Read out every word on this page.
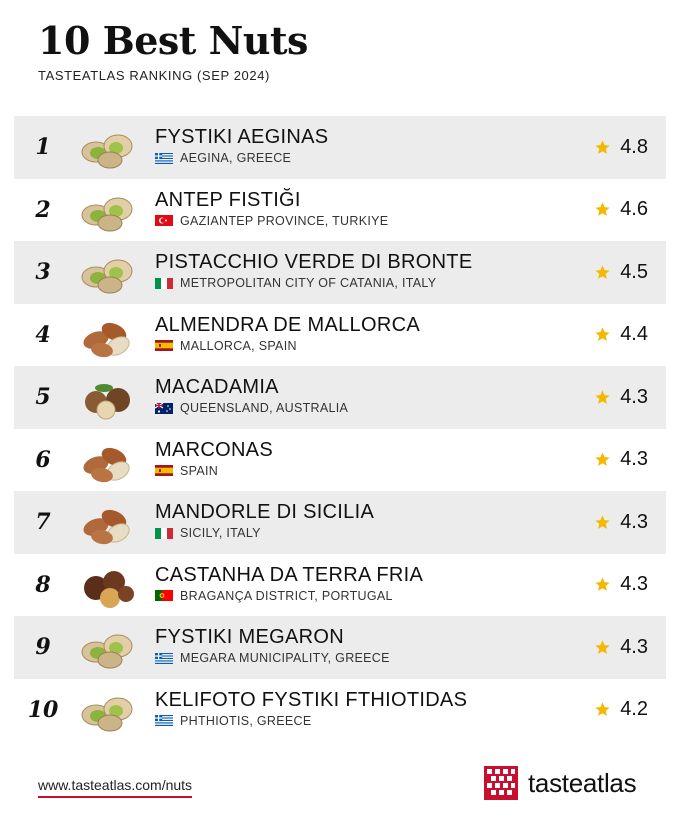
10 Best Nuts
TASTEATLAS RANKING (SEP 2024)
1	FYSTIKI AEGINAS
AEGINA, GREECE
4.8
2	ANTEP FISTIĞI
GAZIANTEP PROVINCE, TURKIYE
4.6
3	PISTACCHIO VERDE DI BRONTE
METROPOLITAN CITY OF CATANIA, ITALY
4.5
4	ALMENDRA DE MALLORCA
MALLORCA, SPAIN
4.4
5	MACADAMIA
QUEENSLAND, AUSTRALIA
4.3
6	MARCONAS
SPAIN
4.3
7	MANDORLE DI SICILIA
SICILY, ITALY
4.3
8	CASTANHA DA TERRA FRIA
BRAGANÇA DISTRICT, PORTUGAL
4.3
9	FYSTIKI MEGARON
MEGARA MUNICIPALITY, GREECE
4.3
10	KELIFOTO FYSTIKI FTHIOTIDAS
PHTHIOTIS, GREECE
4.2
www.tasteatlas.com/nuts	tasteatlas
